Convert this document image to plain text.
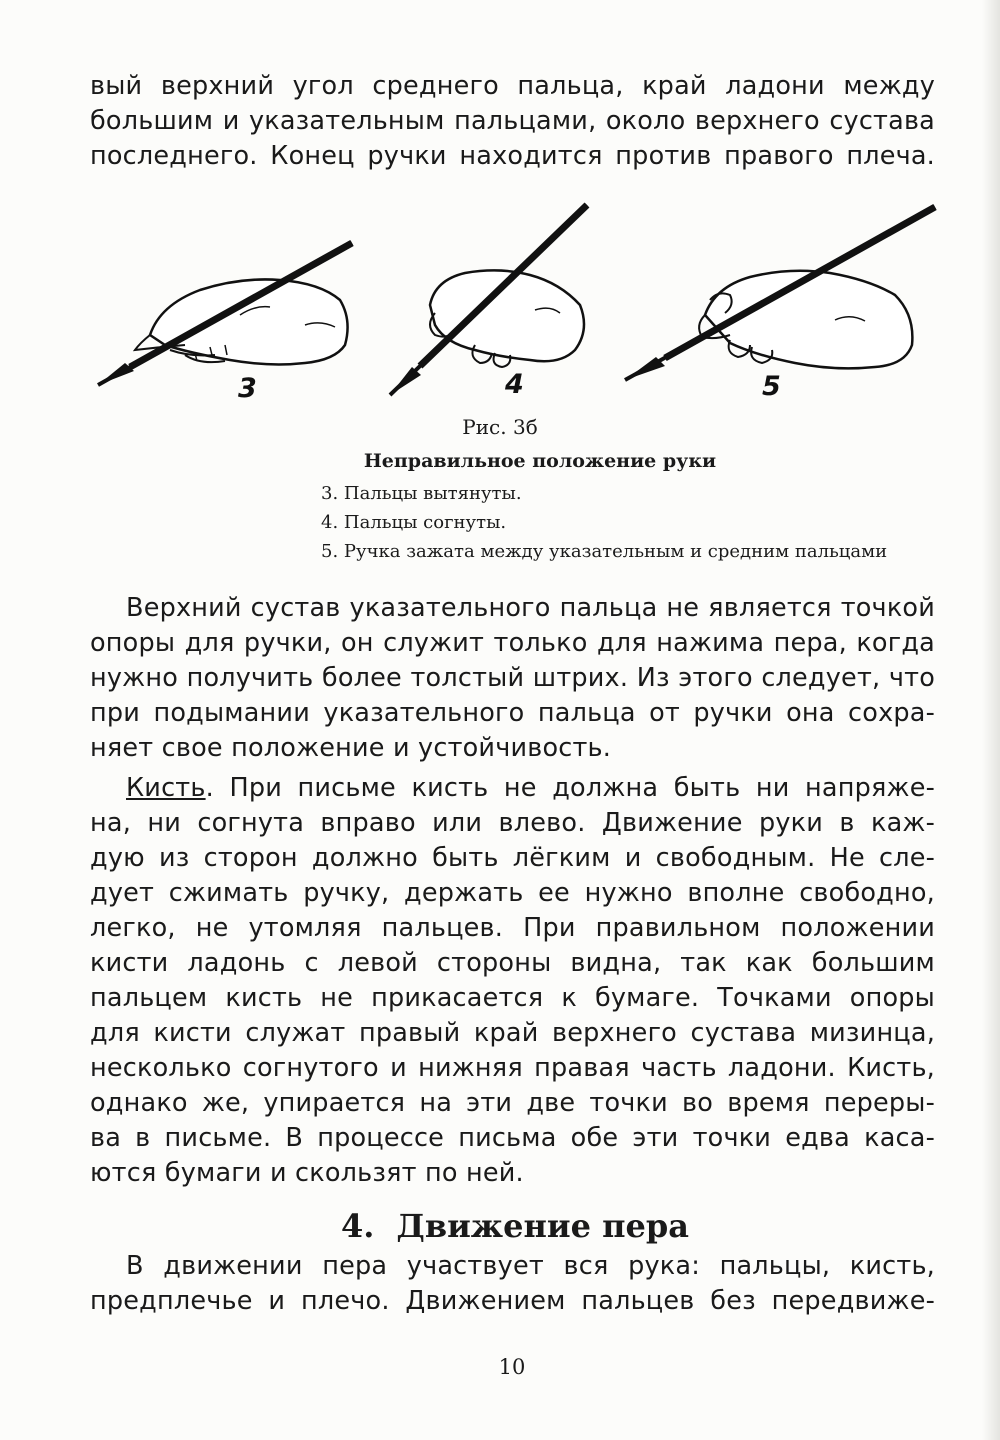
вый верхний угол среднего пальца, край ладони между
большим и указательным пальцами, около верхнего сустава
последнего. Конец ручки находится против правого плеча.
3	4	5
Рис. 3б
Неправильное положение руки
3. Пальцы вытянуты.
4. Пальцы согнуты.
5. Ручка зажата между указательным и средним пальцами
Верхний сустав указательного пальца не является точкой
опоры для ручки, он служит только для нажима пера, когда
нужно получить более толстый штрих. Из этого следует, что
при подымании указательного пальца от ручки она сохра-
няет свое положение и устойчивость.
Кисть. При письме кисть не должна быть ни напряже-
на, ни согнута вправо или влево. Движение руки в каж-
дую из сторон должно быть лёгким и свободным. Не сле-
дует сжимать ручку, держать ее нужно вполне свободно,
легко, не утомляя пальцев. При правильном положении
кисти ладонь с левой стороны видна, так как большим
пальцем кисть не прикасается к бумаге. Точками опоры
для кисти служат правый край верхнего сустава мизинца,
несколько согнутого и нижняя правая часть ладони. Кисть,
однако же, упирается на эти две точки во время переры-
ва в письме. В процессе письма обе эти точки едва каса-
ются бумаги и скользят по ней.
4. Движение пера
В движении пера участвует вся рука: пальцы, кисть,
предплечье и плечо. Движением пальцев без передвиже-
10
